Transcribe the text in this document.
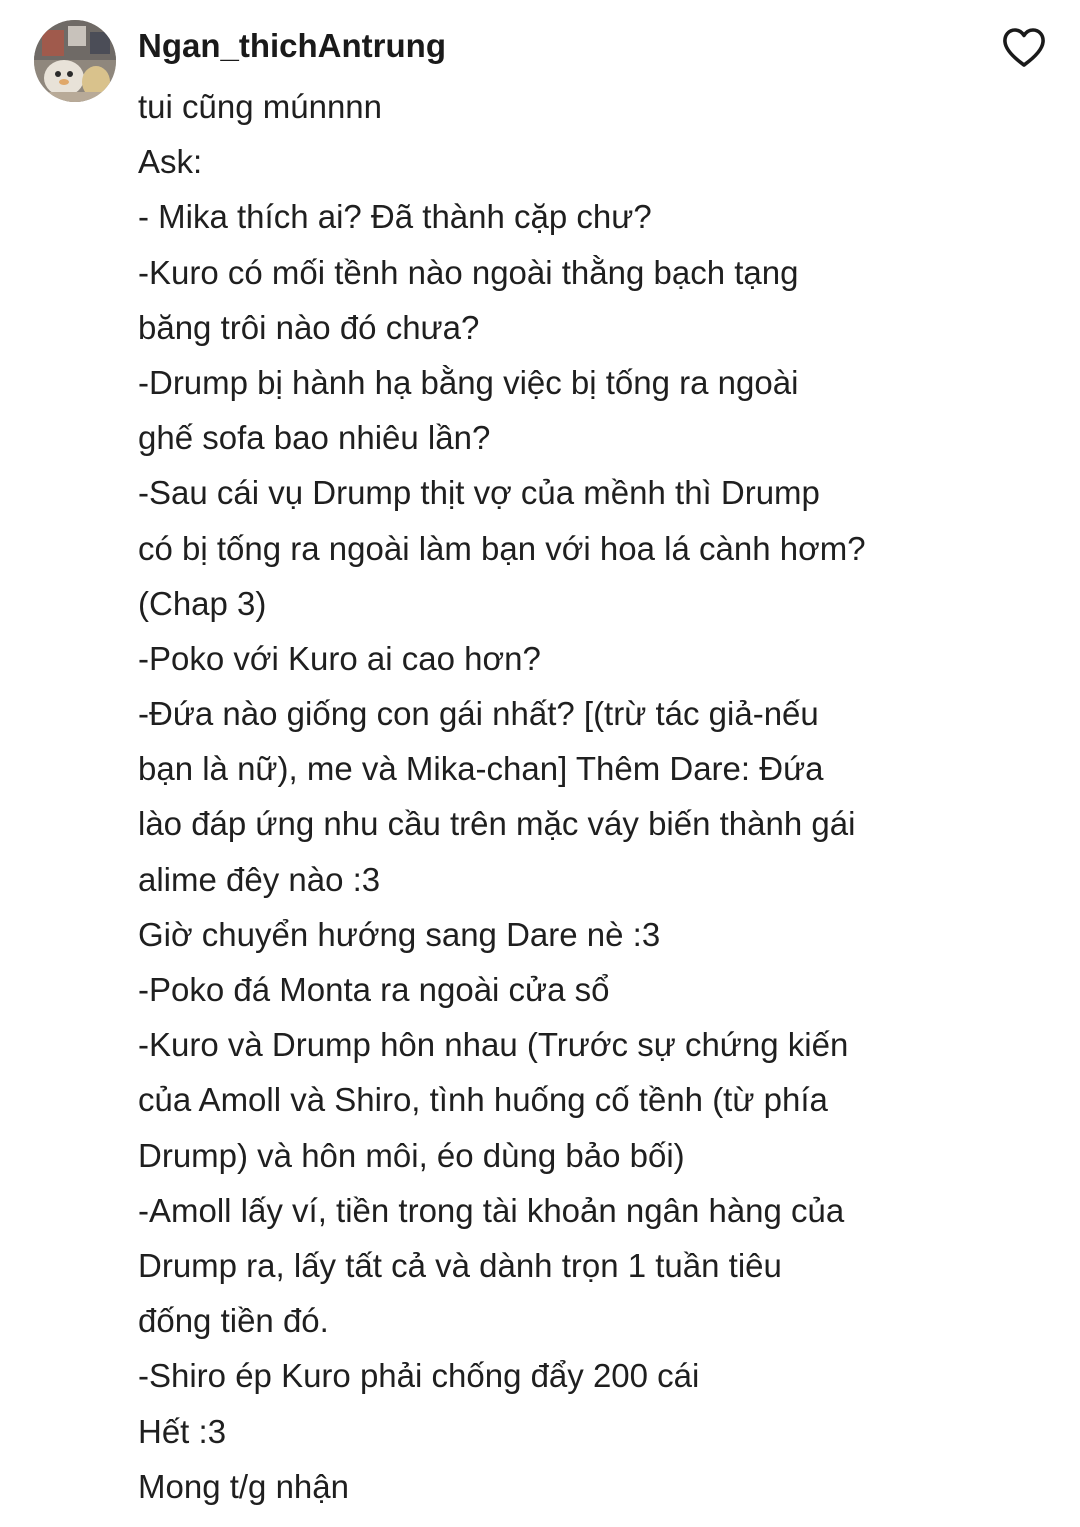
Ngan_thichAntrung
tui cũng múnnnn
Ask:
- Mika thích ai? Đã thành cặp chư?
-Kuro có mối tềnh nào ngoài thằng bạch tạng
băng trôi nào đó chưa?
-Drump bị hành hạ bằng việc bị tống ra ngoài
ghế sofa bao nhiêu lần?
-Sau cái vụ Drump thịt vợ của mềnh thì Drump
có bị tống ra ngoài làm bạn với hoa lá cành hơm?
(Chap 3)
-Poko với Kuro ai cao hơn?
-Đứa nào giống con gái nhất? [(trừ tác giả-nếu
bạn là nữ), me và Mika-chan] Thêm Dare: Đứa
lào đáp ứng nhu cầu trên mặc váy biến thành gái
alime đêy nào :3
Giờ chuyển hướng sang Dare nè :3
-Poko đá Monta ra ngoài cửa sổ
-Kuro và Drump hôn nhau (Trước sự chứng kiến
của Amoll và Shiro, tình huống cố tềnh (từ phía
Drump) và hôn môi, éo dùng bảo bối)
-Amoll lấy ví, tiền trong tài khoản ngân hàng của
Drump ra, lấy tất cả và dành trọn 1 tuần tiêu
đống tiền đó.
-Shiro ép Kuro phải chống đẩy 200 cái
Hết :3
Mong t/g nhận
